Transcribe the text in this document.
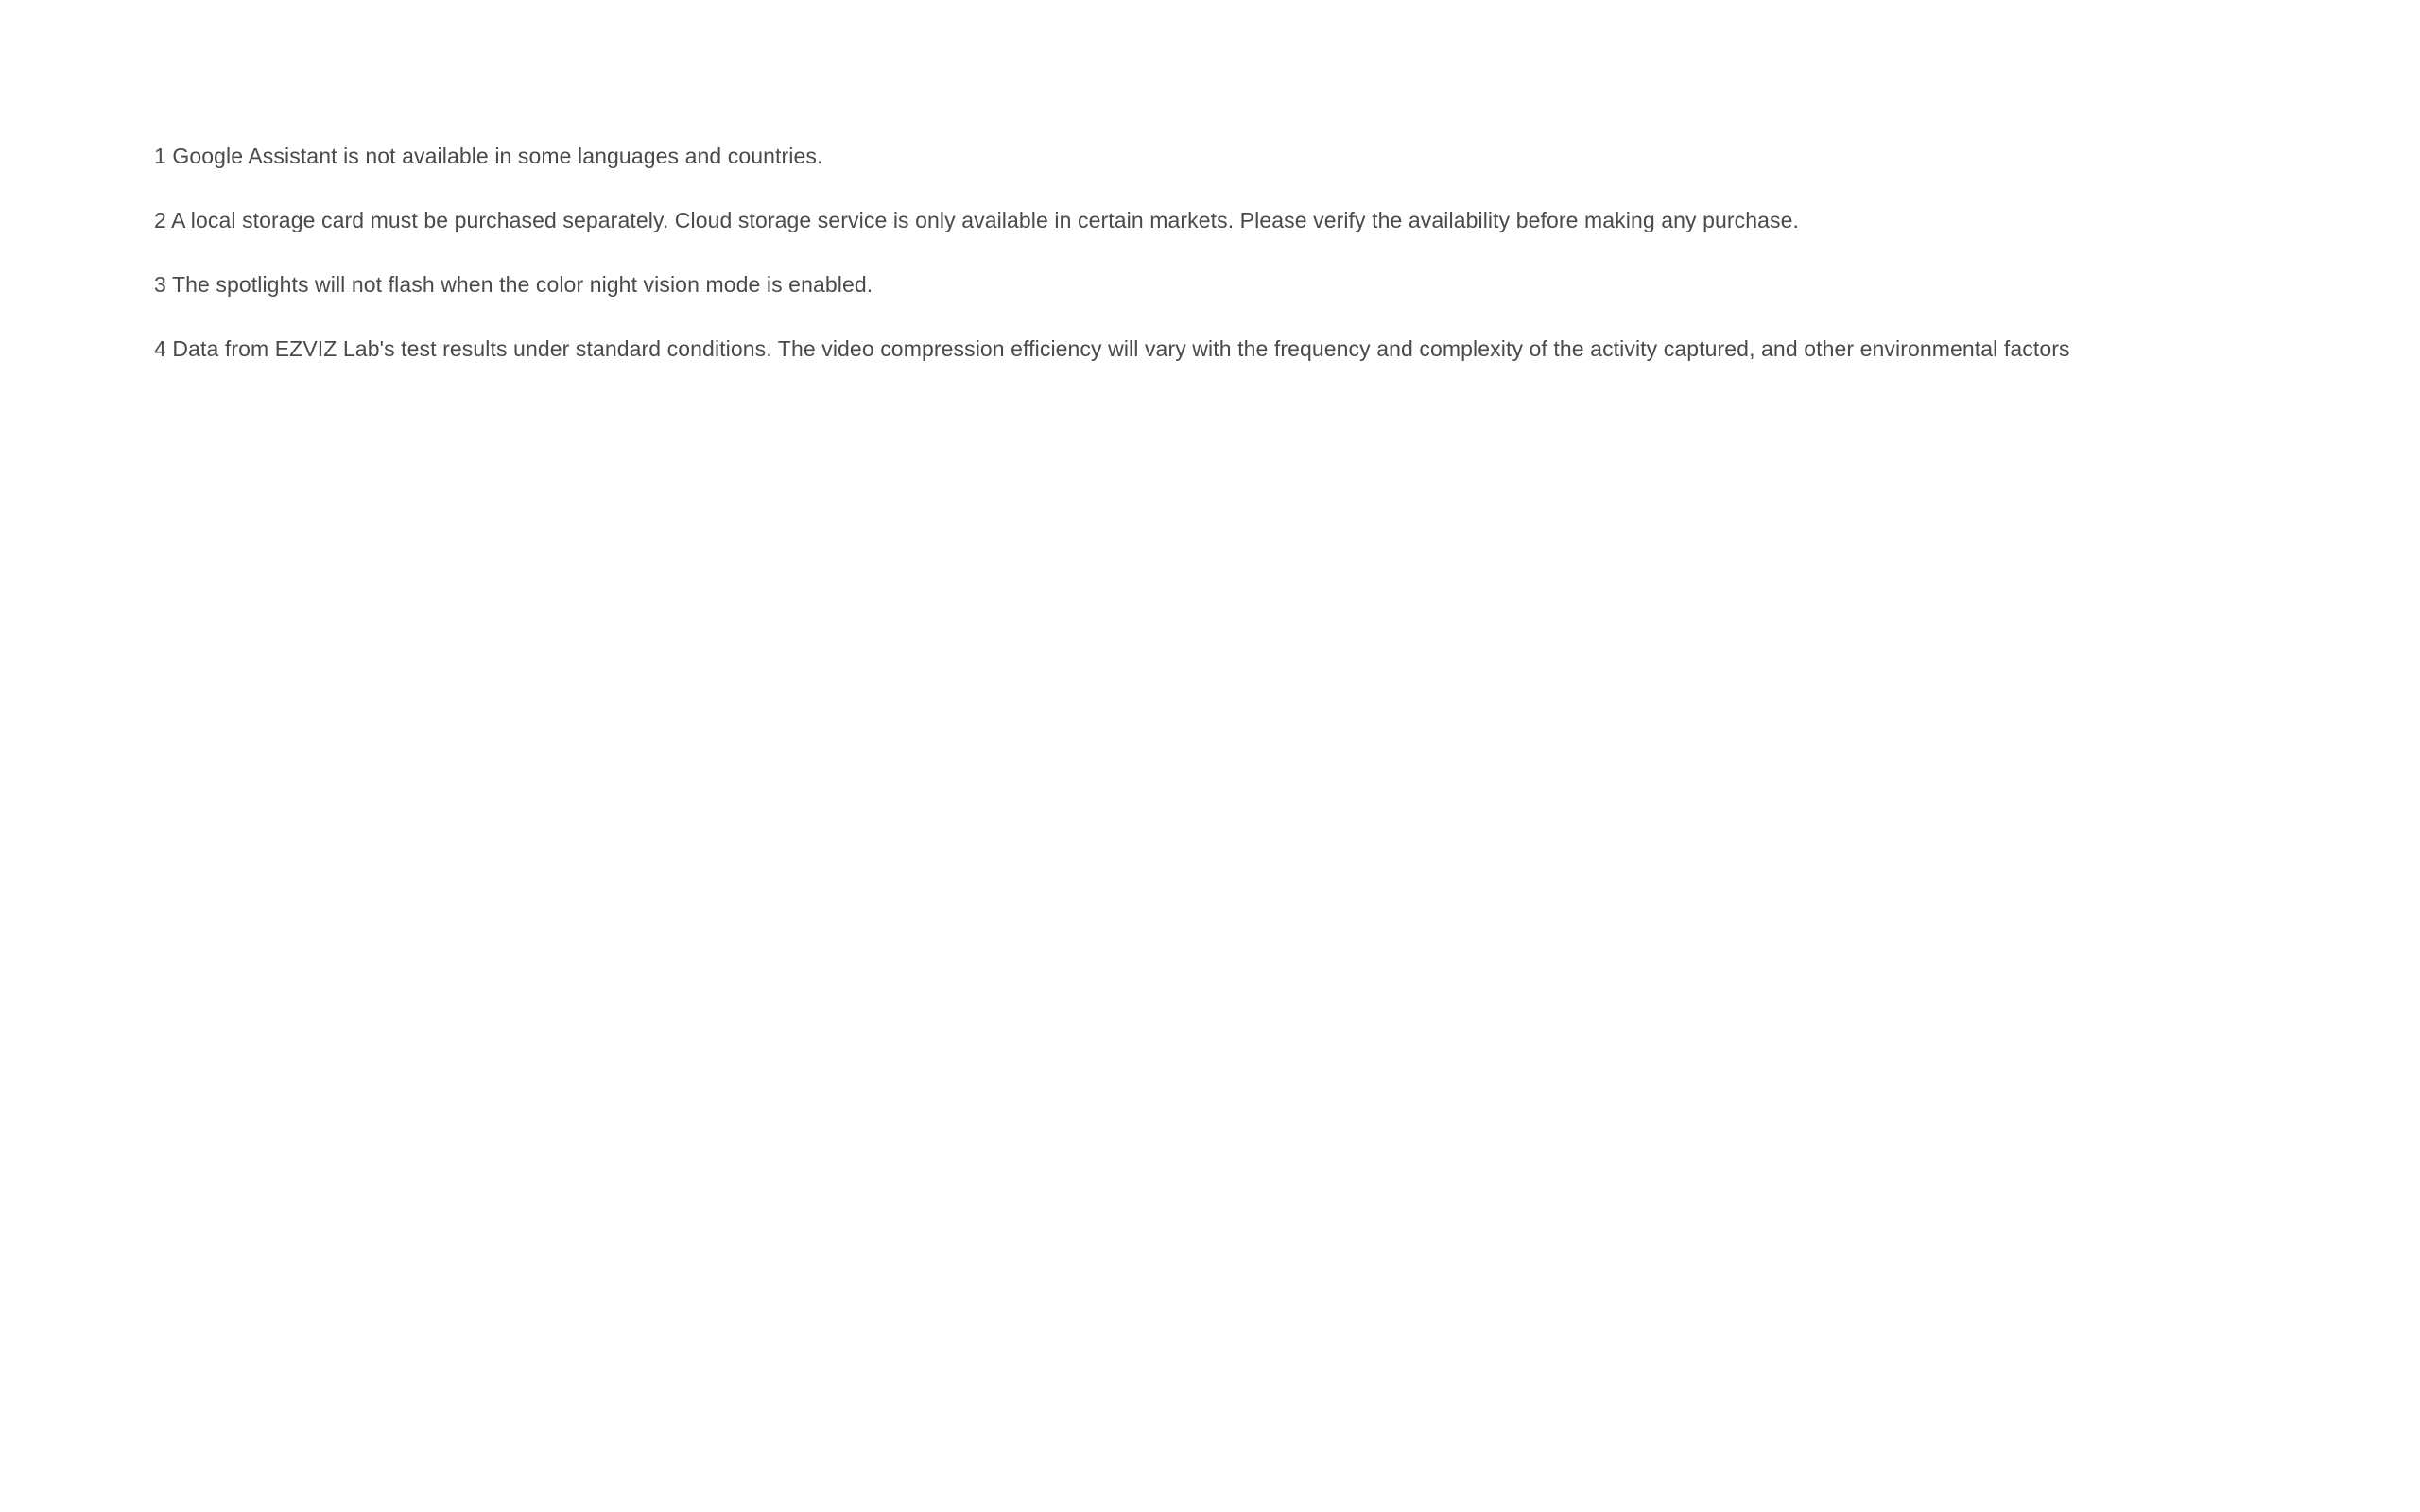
1 Google Assistant is not available in some languages and countries.

2 A local storage card must be purchased separately. Cloud storage service is only available in certain markets. Please verify the availability before making any purchase.

3 The spotlights will not flash when the color night vision mode is enabled.

4 Data from EZVIZ Lab's test results under standard conditions. The video compression efficiency will vary with the frequency and complexity of the activity captured, and other environmental factors
